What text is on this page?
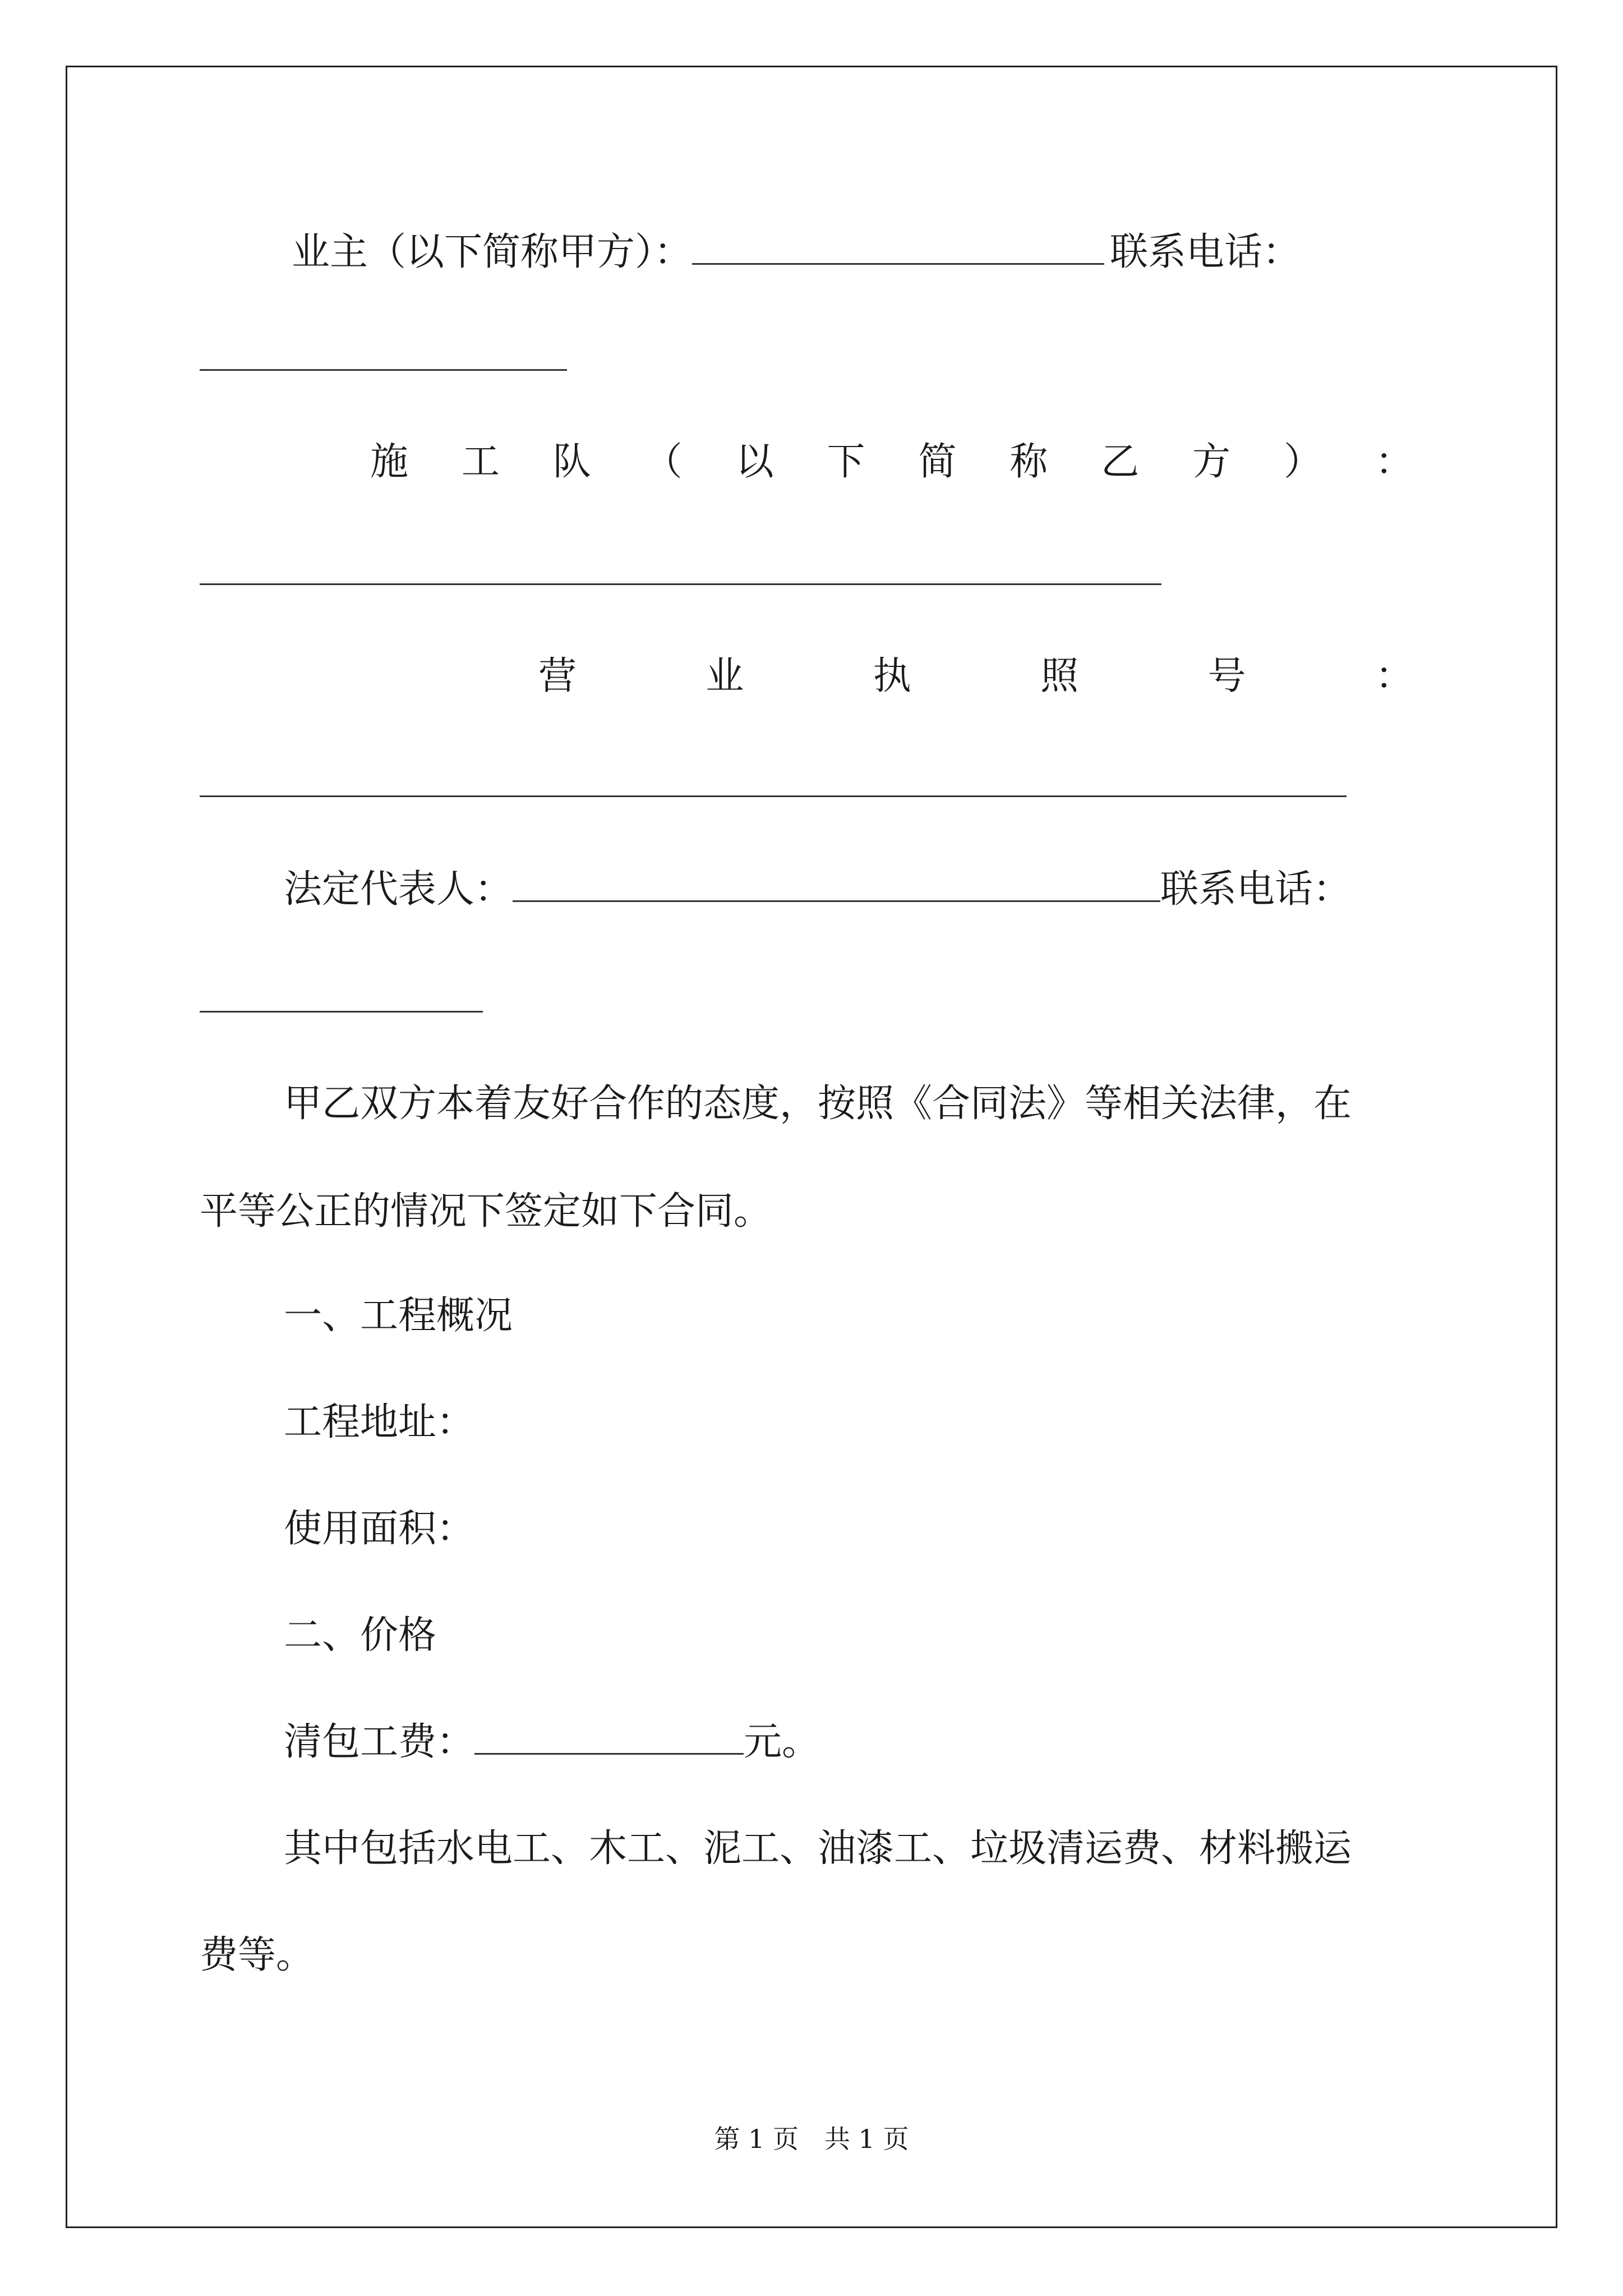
业主（以下简称甲方）：	联系电话：
施 工 队 （ 以 下 简 称 乙 方 ） ：
营	业	执	照	号	：
法定代表人：	联系电话：
甲乙双方本着友好合作的态度，按照《合同法》等相关法律，在
平等公正的情况下签定如下合同。
一、工程概况
工程地址：
使用面积：
二、价格
清包工费：	元。
其中包括水电工、木工、泥工、油漆工、垃圾清运费、材料搬运
费等。
第 1 页　共 1 页
